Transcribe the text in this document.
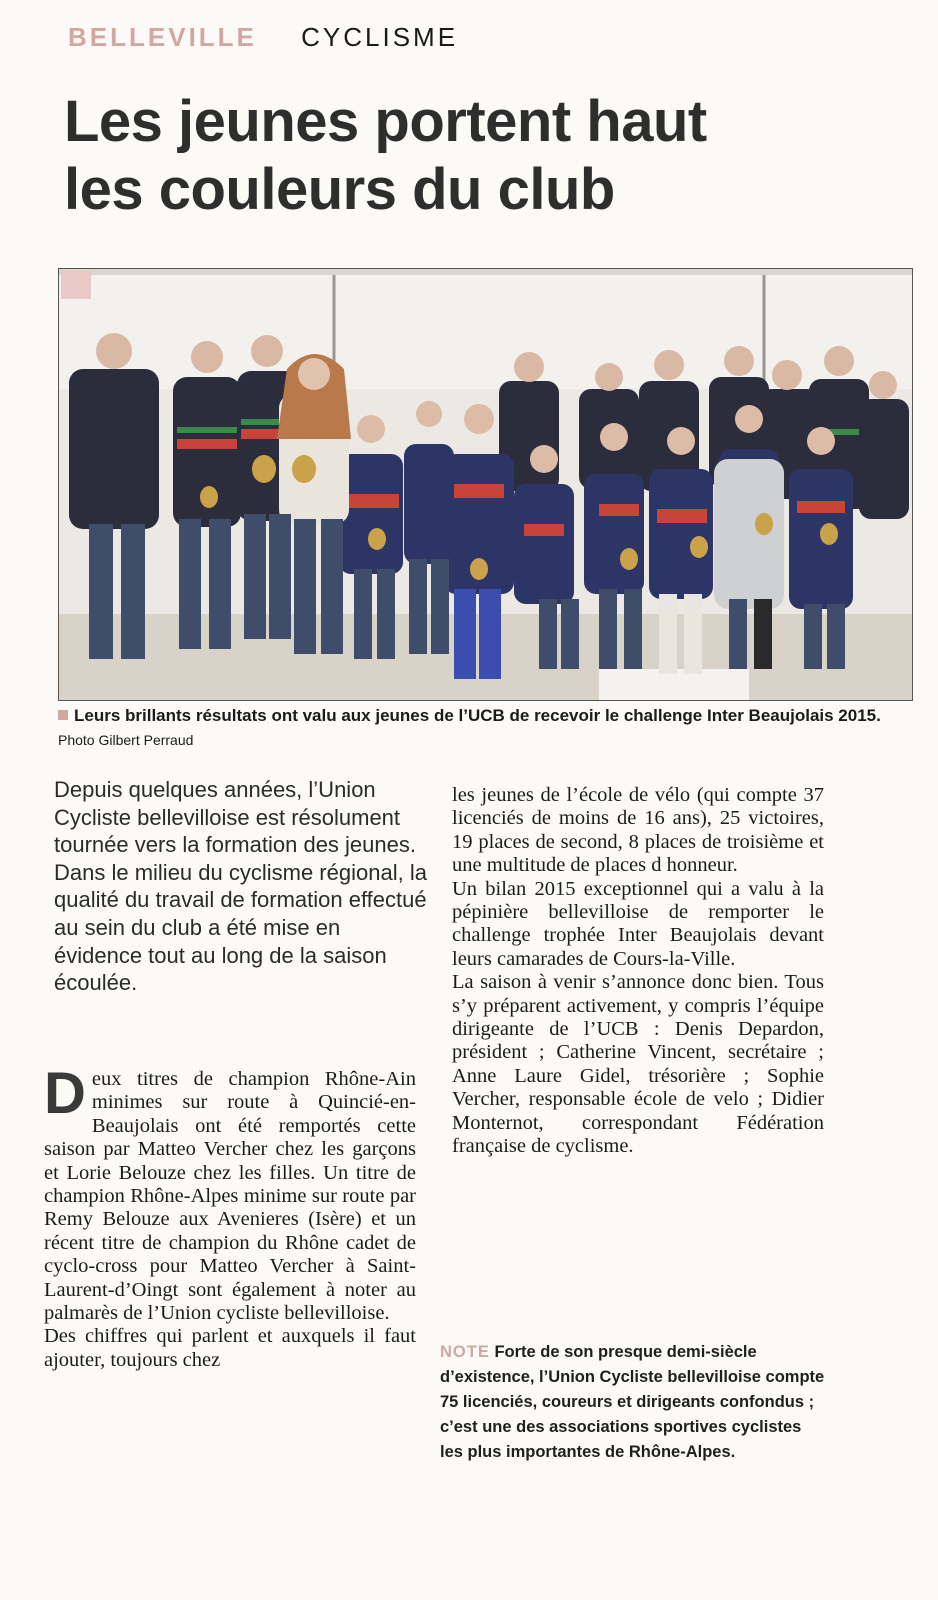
BELLEVILLE CYCLISME
Les jeunes portent haut
les couleurs du club
Leurs brillants résultats ont valu aux jeunes de l’UCB de recevoir le challenge Inter Beaujolais 2015. Photo Gilbert Perraud
Depuis quelques années, l’Union Cycliste bellevilloise est résolument tournée vers la formation des jeunes. Dans le milieu du cyclisme régional, la qualité du travail de formation effectué au sein du club a été mise en évidence tout au long de la saison écoulée.

Deux titres de champion Rhône-Ain minimes sur route à Quincié-en-Beaujolais ont été remportés cette saison par Matteo Vercher chez les garçons et Lorie Belouze chez les filles. Un titre de champion Rhône-Alpes minime sur route par Remy Belouze aux Avenieres (Isère) et un récent titre de champion du Rhône cadet de cyclo-cross pour Matteo Vercher à Saint-Laurent-d’Oingt sont également à noter au palmarès de l’Union cycliste bellevilloise.

Des chiffres qui parlent et auxquels il faut ajouter, toujours chez

les jeunes de l’école de vélo (qui compte 37 licenciés de moins de 16 ans), 25 victoires, 19 places de second, 8 places de troisième et une multitude de places d honneur.

Un bilan 2015 exceptionnel qui a valu à la pépinière bellevilloise de remporter le challenge trophée Inter Beaujolais devant leurs camarades de Cours-la-Ville.

La saison à venir s’annonce donc bien. Tous s’y préparent activement, y compris l’équipe dirigeante de l’UCB : Denis Depardon, président ; Catherine Vincent, secrétaire ; Anne Laure Gidel, trésorière ; Sophie Vercher, responsable école de velo ; Didier Monternot, correspondant Fédération française de cyclisme.

NOTE Forte de son presque demi-siècle d’existence, l’Union Cycliste bellevilloise compte 75 licenciés, coureurs et dirigeants confondus ; c’est une des associations sportives cyclistes les plus importantes de Rhône-Alpes.
